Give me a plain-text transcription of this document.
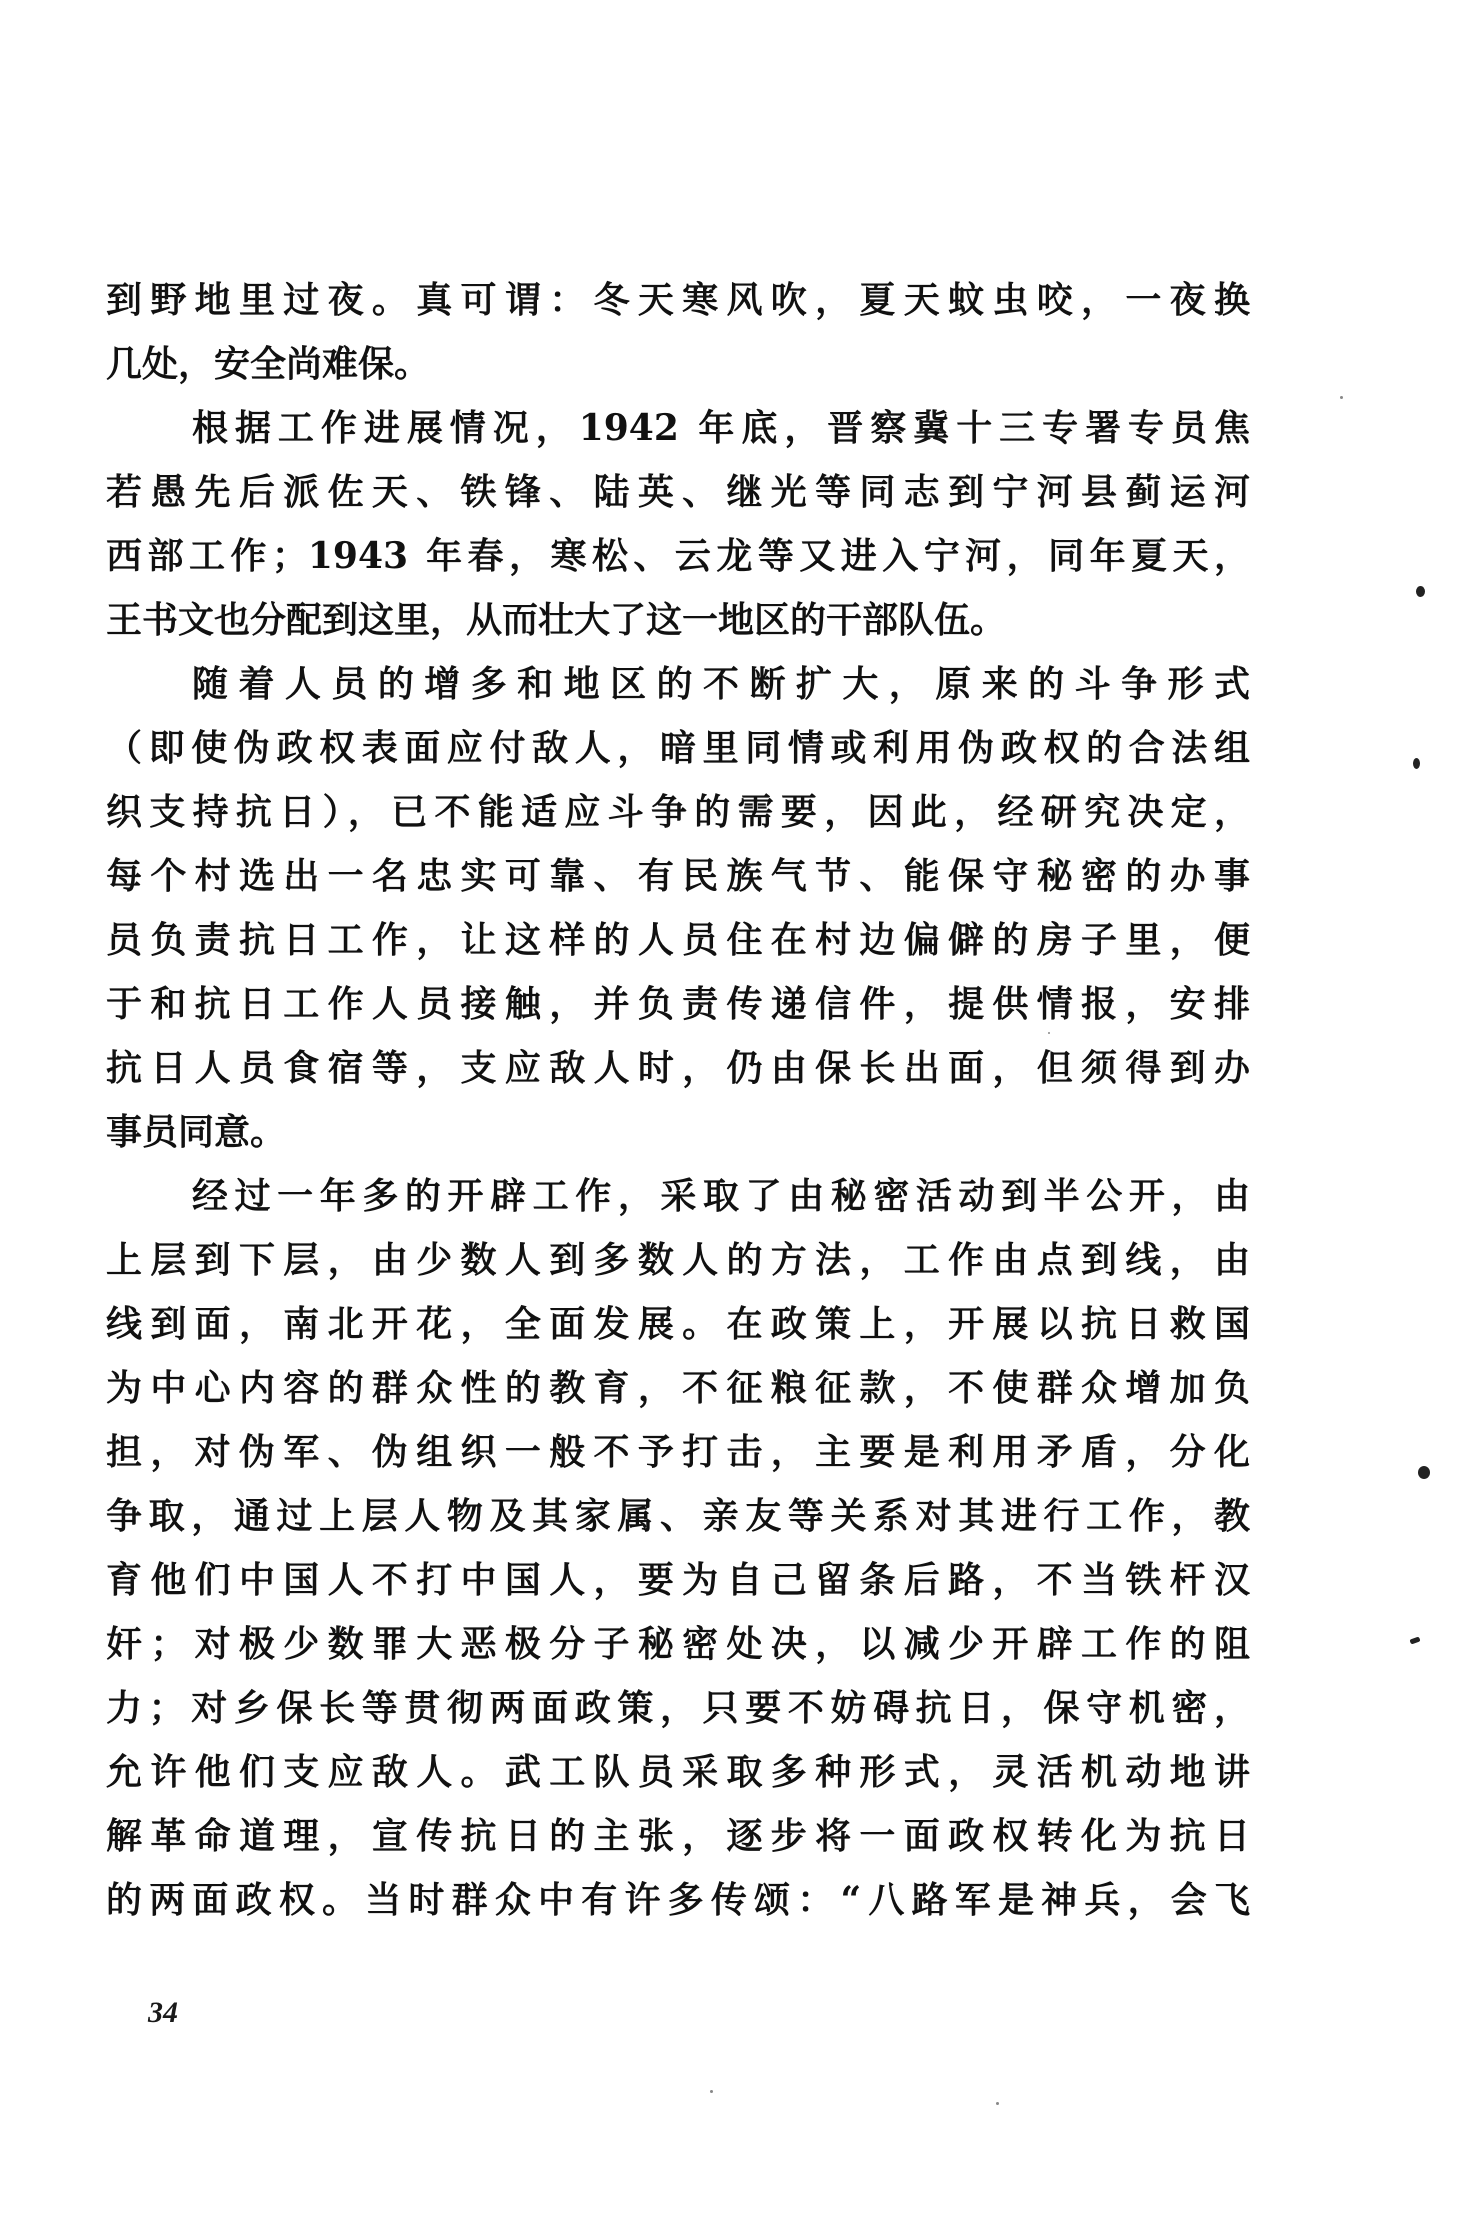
到野地里过夜。真可谓：冬天寒风吹，夏天蚊虫咬，一夜换
几处，安全尚难保。
根据工作进展情况，1942 年底，晋察冀十三专署专员焦
若愚先后派佐天、铁锋、陆英、继光等同志到宁河县蓟运河
西部工作；1943 年春，寒松、云龙等又进入宁河，同年夏天，
王书文也分配到这里，从而壮大了这一地区的干部队伍。
随着人员的增多和地区的不断扩大，原来的斗争形式
（即使伪政权表面应付敌人，暗里同情或利用伪政权的合法组
织支持抗日），已不能适应斗争的需要，因此，经研究决定，
每个村选出一名忠实可靠、有民族气节、能保守秘密的办事
员负责抗日工作，让这样的人员住在村边偏僻的房子里，便
于和抗日工作人员接触，并负责传递信件，提供情报，安排
抗日人员食宿等，支应敌人时，仍由保长出面，但须得到办
事员同意。
经过一年多的开辟工作，采取了由秘密活动到半公开，由
上层到下层，由少数人到多数人的方法，工作由点到线，由
线到面，南北开花，全面发展。在政策上，开展以抗日救国
为中心内容的群众性的教育，不征粮征款，不使群众增加负
担，对伪军、伪组织一般不予打击，主要是利用矛盾，分化
争取，通过上层人物及其家属、亲友等关系对其进行工作，教
育他们中国人不打中国人，要为自己留条后路，不当铁杆汉
奸；对极少数罪大恶极分子秘密处决，以减少开辟工作的阻
力；对乡保长等贯彻两面政策，只要不妨碍抗日，保守机密，
允许他们支应敌人。武工队员采取多种形式，灵活机动地讲
解革命道理，宣传抗日的主张，逐步将一面政权转化为抗日
的两面政权。当时群众中有许多传颂：“八路军是神兵，会飞
34
